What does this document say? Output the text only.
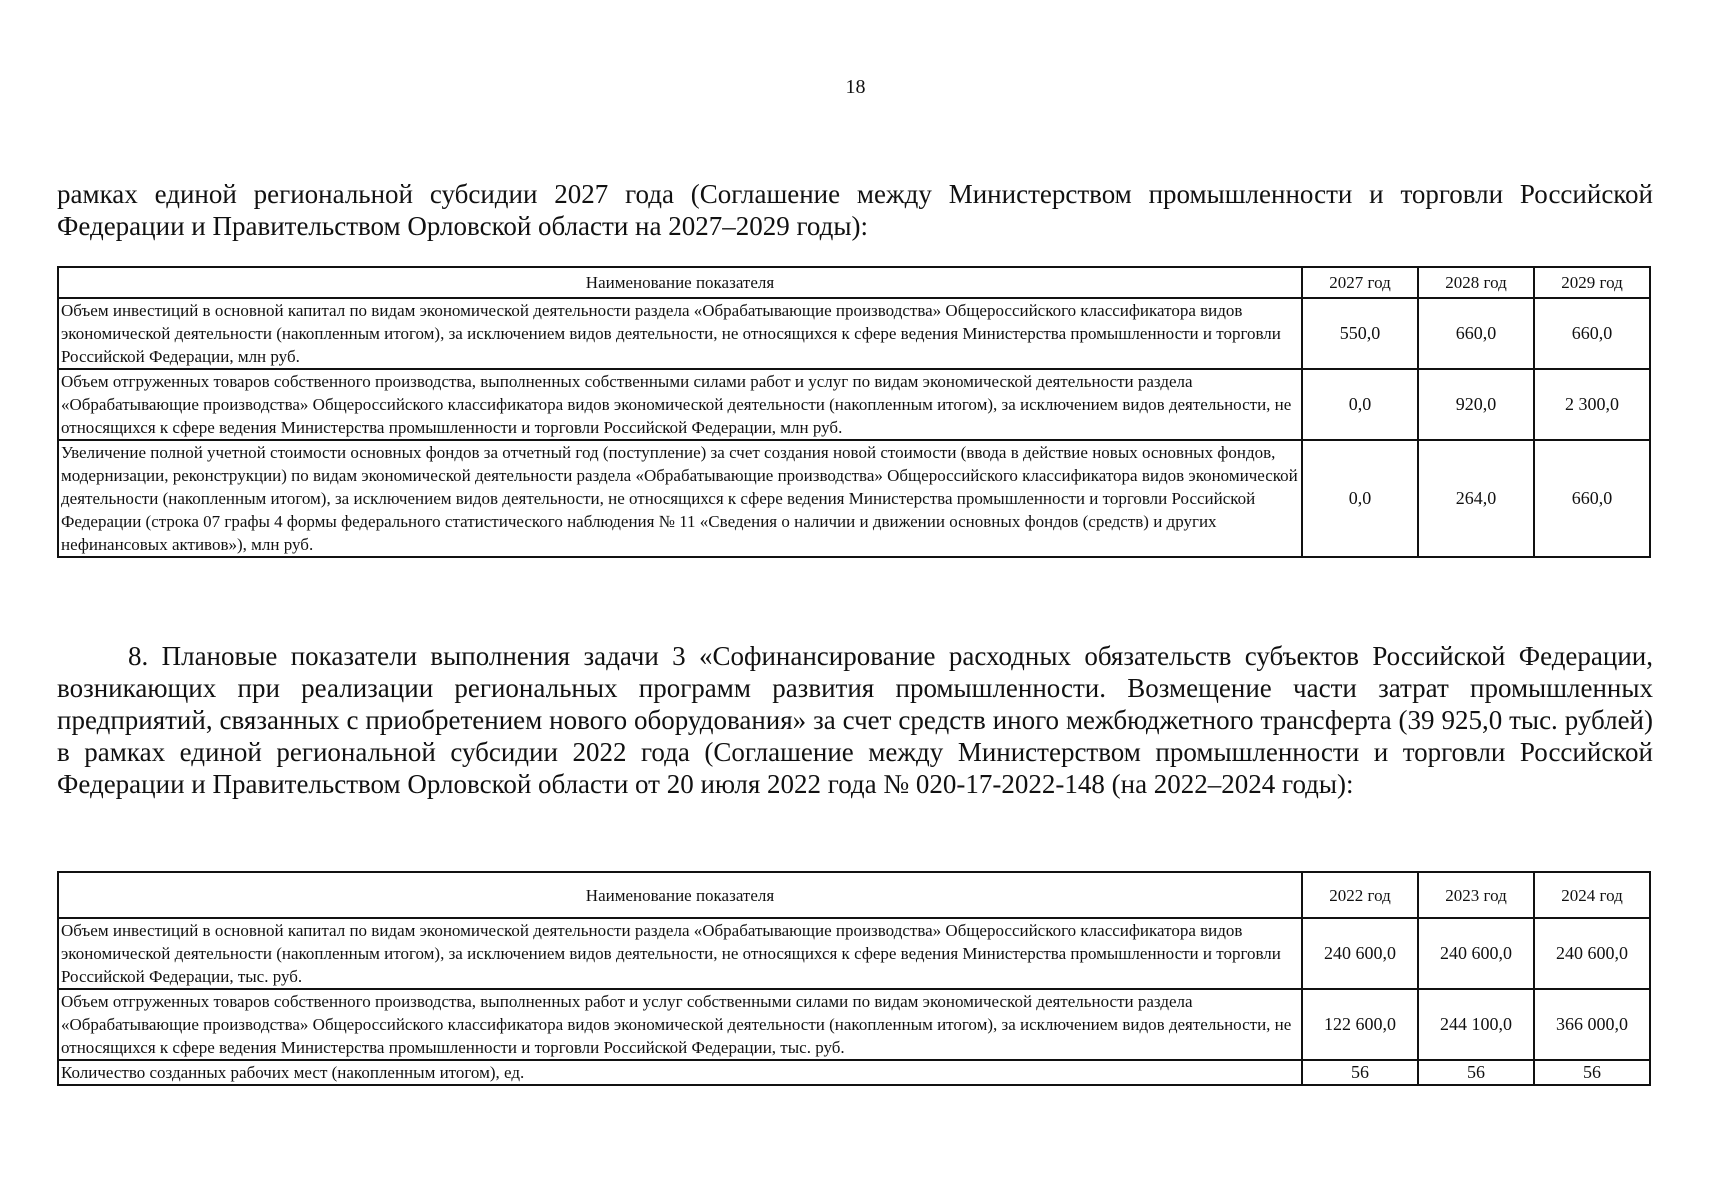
18
рамках единой региональной субсидии 2027 года (Соглашение между Министерством промышленности и торговли Российской Федерации и Правительством Орловской области на 2027–2029 годы):
Наименование показателя	2027 год	2028 год	2029 год
Объем инвестиций в основной капитал по видам экономической деятельности раздела «Обрабатывающие производства» Общероссийского классификатора видов экономической деятельности (накопленным итогом), за исключением видов деятельности, не относящихся к сфере ведения Министерства промышленности и торговли Российской Федерации, млн руб.	550,0	660,0	660,0
Объем отгруженных товаров собственного производства, выполненных собственными силами работ и услуг по видам экономической деятельности раздела «Обрабатывающие производства» Общероссийского классификатора видов экономической деятельности (накопленным итогом), за исключением видов деятельности, не относящихся к сфере ведения Министерства промышленности и торговли Российской Федерации, млн руб.	0,0	920,0	2 300,0
Увеличение полной учетной стоимости основных фондов за отчетный год (поступление) за счет создания новой стоимости (ввода в действие новых основных фондов, модернизации, реконструкции) по видам экономической деятельности раздела «Обрабатывающие производства» Общероссийского классификатора видов экономической деятельности (накопленным итогом), за исключением видов деятельности, не относящихся к сфере ведения Министерства промышленности и торговли Российской Федерации (строка 07 графы 4 формы федерального статистического наблюдения № 11 «Сведения о наличии и движении основных фондов (средств) и других нефинансовых активов»), млн руб.	0,0	264,0	660,0
8. Плановые показатели выполнения задачи 3 «Софинансирование расходных обязательств субъектов Российской Федерации, возникающих при реализации региональных программ развития промышленности. Возмещение части затрат промышленных предприятий, связанных с приобретением нового оборудования» за счет средств иного межбюджетного трансферта (39 925,0 тыс. рублей) в рамках единой региональной субсидии 2022 года (Соглашение между Министерством промышленности и торговли Российской Федерации и Правительством Орловской области от 20 июля 2022 года № 020-17-2022-148 (на 2022–2024 годы):
Наименование показателя	2022 год	2023 год	2024 год
Объем инвестиций в основной капитал по видам экономической деятельности раздела «Обрабатывающие производства» Общероссийского классификатора видов экономической деятельности (накопленным итогом), за исключением видов деятельности, не относящихся к сфере ведения Министерства промышленности и торговли Российской Федерации, тыс. руб.	240 600,0	240 600,0	240 600,0
Объем отгруженных товаров собственного производства, выполненных работ и услуг собственными силами по видам экономической деятельности раздела «Обрабатывающие производства» Общероссийского классификатора видов экономической деятельности (накопленным итогом), за исключением видов деятельности, не относящихся к сфере ведения Министерства промышленности и торговли Российской Федерации, тыс. руб.	122 600,0	244 100,0	366 000,0
Количество созданных рабочих мест (накопленным итогом), ед.	56	56	56
